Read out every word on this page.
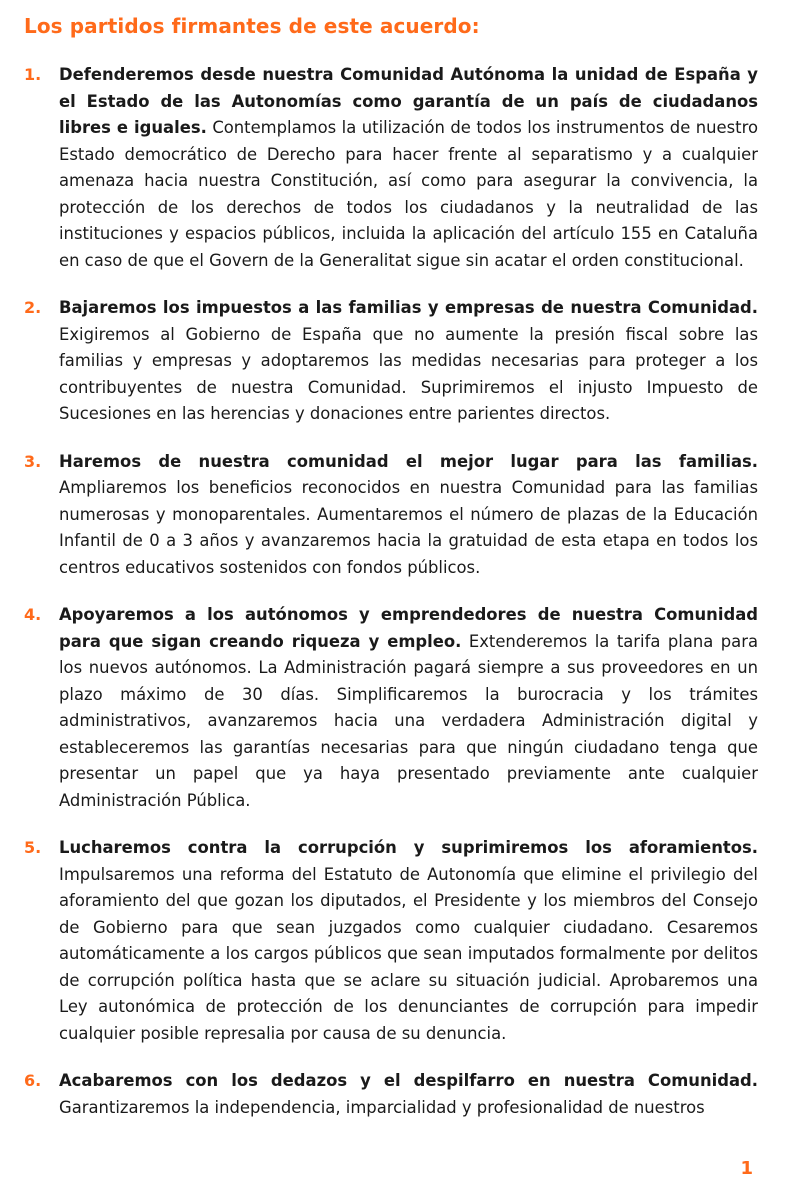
Los partidos firmantes de este acuerdo:
1.	Defenderemos desde nuestra Comunidad Autónoma la unidad de España y el Estado de las Autonomías como garantía de un país de ciudadanos libres e iguales. Contemplamos la utilización de todos los instrumentos de nuestro Estado democrático de Derecho para hacer frente al separatismo y a cualquier amenaza hacia nuestra Constitución, así como para asegurar la convivencia, la protección de los derechos de todos los ciudadanos y la neutralidad de las instituciones y espacios públicos, incluida la aplicación del artículo 155 en Cataluña en caso de que el Govern de la Generalitat sigue sin acatar el orden constitucional.
2.	Bajaremos los impuestos a las familias y empresas de nuestra Comunidad. Exigiremos al Gobierno de España que no aumente la presión fiscal sobre las familias y empresas y adoptaremos las medidas necesarias para proteger a los contribuyentes de nuestra Comunidad. Suprimiremos el injusto Impuesto de Sucesiones en las herencias y donaciones entre parientes directos.
3.	Haremos de nuestra comunidad el mejor lugar para las familias. Ampliaremos los beneficios reconocidos en nuestra Comunidad para las familias numerosas y monoparentales. Aumentaremos el número de plazas de la Educación Infantil de 0 a 3 años y avanzaremos hacia la gratuidad de esta etapa en todos los centros educativos sostenidos con fondos públicos.
4.	Apoyaremos a los autónomos y emprendedores de nuestra Comunidad para que sigan creando riqueza y empleo. Extenderemos la tarifa plana para los nuevos autónomos. La Administración pagará siempre a sus proveedores en un plazo máximo de 30 días. Simplificaremos la burocracia y los trámites administrativos, avanzaremos hacia una verdadera Administración digital y estableceremos las garantías necesarias para que ningún ciudadano tenga que presentar un papel que ya haya presentado previamente ante cualquier Administración Pública.
5.	Lucharemos contra la corrupción y suprimiremos los aforamientos. Impulsaremos una reforma del Estatuto de Autonomía que elimine el privilegio del aforamiento del que gozan los diputados, el Presidente y los miembros del Consejo de Gobierno para que sean juzgados como cualquier ciudadano. Cesaremos automáticamente a los cargos públicos que sean imputados formalmente por delitos de corrupción política hasta que se aclare su situación judicial. Aprobaremos una Ley autonómica de protección de los denunciantes de corrupción para impedir cualquier posible represalia por causa de su denuncia.
6.	Acabaremos con los dedazos y el despilfarro en nuestra Comunidad. Garantizaremos la independencia, imparcialidad y profesionalidad de nuestros
1
